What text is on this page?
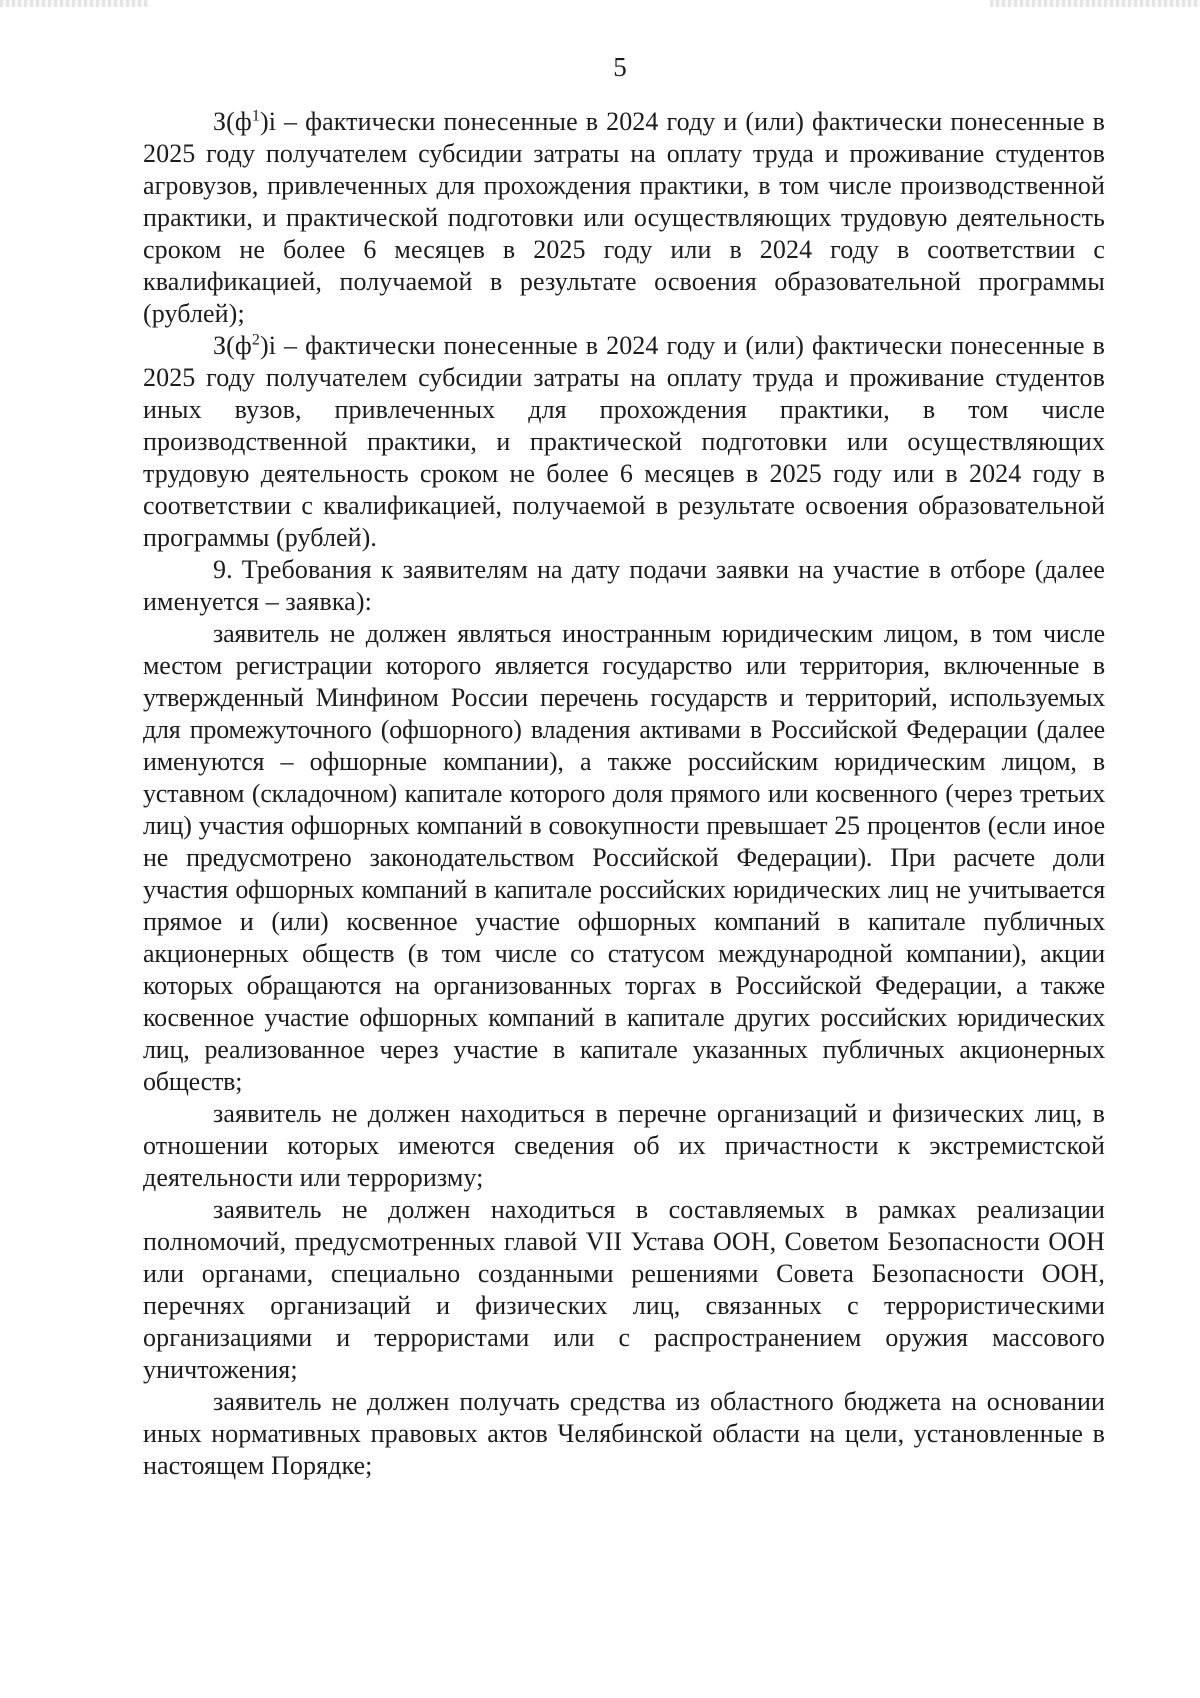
5

$З(ф^1)i$ – фактически понесенные в 2024 году и (или) фактически понесенные в 2025 году получателем субсидии затраты на оплату труда и проживание студентов агровузов, привлеченных для прохождения практики, в том числе производственной практики, и практической подготовки или осуществляющих трудовую деятельность сроком не более 6 месяцев в 2025 году или в 2024 году в соответствии с квалификацией, получаемой в результате освоения образовательной программы (рублей);

$З(ф^2)i$ – фактически понесенные в 2024 году и (или) фактически понесенные в 2025 году получателем субсидии затраты на оплату труда и проживание студентов иных вузов, привлеченных для прохождения практики, в том числе производственной практики, и практической подготовки или осуществляющих трудовую деятельность сроком не более 6 месяцев в 2025 году или в 2024 году в соответствии с квалификацией, получаемой в результате освоения образовательной программы (рублей).

9. Требования к заявителям на дату подачи заявки на участие в отборе (далее именуется – заявка):

заявитель не должен являться иностранным юридическим лицом, в том числе местом регистрации которого является государство или территория, включенные в утвержденный Минфином России перечень государств и территорий, используемых для промежуточного (офшорного) владения активами в Российской Федерации (далее именуются – офшорные компании), а также российским юридическим лицом, в уставном (складочном) капитале которого доля прямого или косвенного (через третьих лиц) участия офшорных компаний в совокупности превышает 25 процентов (если иное не предусмотрено законодательством Российской Федерации). При расчете доли участия офшорных компаний в капитале российских юридических лиц не учитывается прямое и (или) косвенное участие офшорных компаний в капитале публичных акционерных обществ (в том числе со статусом международной компании), акции которых обращаются на организованных торгах в Российской Федерации, а также косвенное участие офшорных компаний в капитале других российских юридических лиц, реализованное через участие в капитале указанных публичных акционерных обществ;

заявитель не должен находиться в перечне организаций и физических лиц, в отношении которых имеются сведения об их причастности к экстремистской деятельности или терроризму;

заявитель не должен находиться в составляемых в рамках реализации полномочий, предусмотренных главой VII Устава ООН, Советом Безопасности ООН или органами, специально созданными решениями Совета Безопасности ООН, перечнях организаций и физических лиц, связанных с террористическими организациями и террористами или с распространением оружия массового уничтожения;

заявитель не должен получать средства из областного бюджета на основании иных нормативных правовых актов Челябинской области на цели, установленные в настоящем Порядке;
